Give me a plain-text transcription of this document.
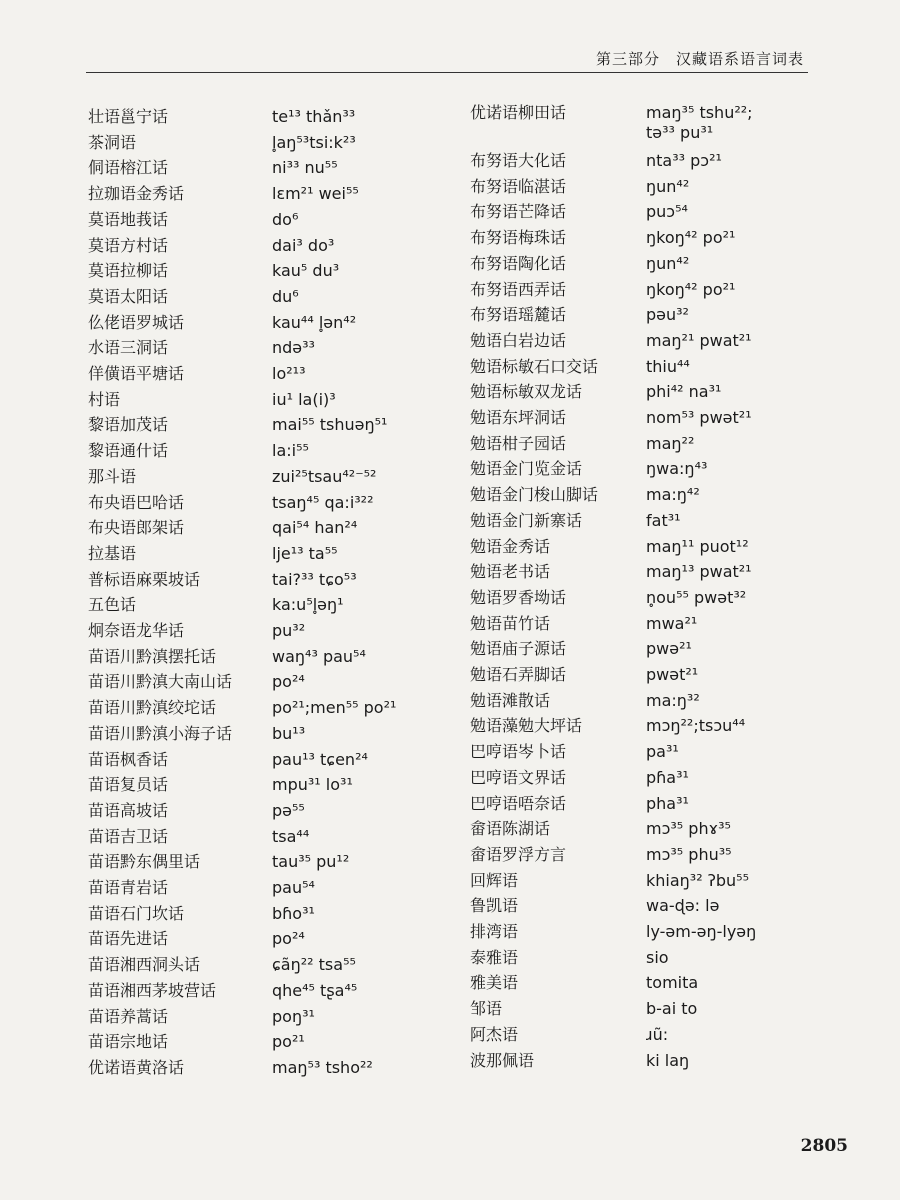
第三部分　汉藏语系语言词表
壮语邕宁话	te¹³ thǎn³³
茶洞语	l̥aŋ⁵³tsi:k²³
侗语榕江话	ni³³ nu⁵⁵
拉珈语金秀话	lɛm²¹ wei⁵⁵
莫语地莪话	do⁶
莫语方村话	dai³ do³
莫语拉柳话	kau⁵ du³
莫语太阳话	du⁶
仫佬语罗城话	kau⁴⁴ l̥ən⁴²
水语三洞话	ndə³³
佯僙语平塘话	lo²¹³
村语	iu¹ la(i)³
黎语加茂话	mai⁵⁵ tshuəŋ⁵¹
黎语通什话	la:i⁵⁵
那斗语	zui²⁵tsau⁴²⁻⁵²
布央语巴哈话	tsaŋ⁴⁵ qa:i³²²
布央语郎架话	qai⁵⁴ han²⁴
拉基语	lje¹³ ta⁵⁵
普标语麻栗坡话	tai?³³ tɕo⁵³
五色话	ka:u⁵l̥əŋ¹
炯奈语龙华话	pu³²
苗语川黔滇摆托话	waŋ⁴³ pau⁵⁴
苗语川黔滇大南山话 po²⁴
苗语川黔滇绞坨话	po²¹;men⁵⁵ po²¹
苗语川黔滇小海子话 bu¹³
苗语枫香话	pau¹³ tɕen²⁴
苗语复员话	mpu³¹ lo³¹
苗语高坡话	pə⁵⁵
苗语吉卫话	tsa⁴⁴
苗语黔东偶里话	tau³⁵ pu¹²
苗语青岩话	pau⁵⁴
苗语石门坎话	bɦo³¹
苗语先进话	po²⁴
苗语湘西洞头话	ɕãŋ²² tsa⁵⁵
苗语湘西茅坡营话	qhe⁴⁵ tʂa⁴⁵
苗语养蒿话	poŋ³¹
苗语宗地话	po²¹
优诺语黄洛话	maŋ⁵³ tsho²²
优诺语柳田话	maŋ³⁵ tshu²²;
tə³³ pu³¹
布努语大化话	nta³³ pɔ²¹
布努语临湛话	ŋun⁴²
布努语芒降话	puɔ⁵⁴
布努语梅珠话	ŋkoŋ⁴² po²¹
布努语陶化话	ŋun⁴²
布努语西弄话	ŋkoŋ⁴² po²¹
布努语瑶麓话	pəu³²
勉语白岩边话	maŋ²¹ pwat²¹
勉语标敏石口交话	thiu⁴⁴
勉语标敏双龙话	phi⁴² na³¹
勉语东坪洞话	nom⁵³ pwət²¹
勉语柑子园话	maŋ²²
勉语金门览金话	ŋwa:ŋ⁴³
勉语金门梭山脚话	ma:ŋ⁴²
勉语金门新寨话	fat³¹
勉语金秀话	maŋ¹¹ puot¹²
勉语老书话	maŋ¹³ pwat²¹
勉语罗香坳话	n̥ou⁵⁵ pwət³²
勉语苗竹话	mwa²¹
勉语庙子源话	pwə²¹
勉语石弄脚话	pwət²¹
勉语滩散话	ma:ŋ³²
勉语藻勉大坪话	mɔŋ²²;tsɔu⁴⁴
巴哼语岑卜话	pa³¹
巴哼语文界话	pɦa³¹
巴哼语唔奈话	pha³¹
畲语陈湖话	mɔ³⁵ phɤ³⁵
畲语罗浮方言	mɔ³⁵ phu³⁵
回辉语	khiaŋ³² ʔbu⁵⁵
鲁凯语	wa-ɖə: lə
排湾语	ly-əm-əŋ-lyəŋ
泰雅语	sio
雅美语	tomita
邹语	b-ai to
阿杰语	ɹũ:
波那佩语	ki laŋ
2805
